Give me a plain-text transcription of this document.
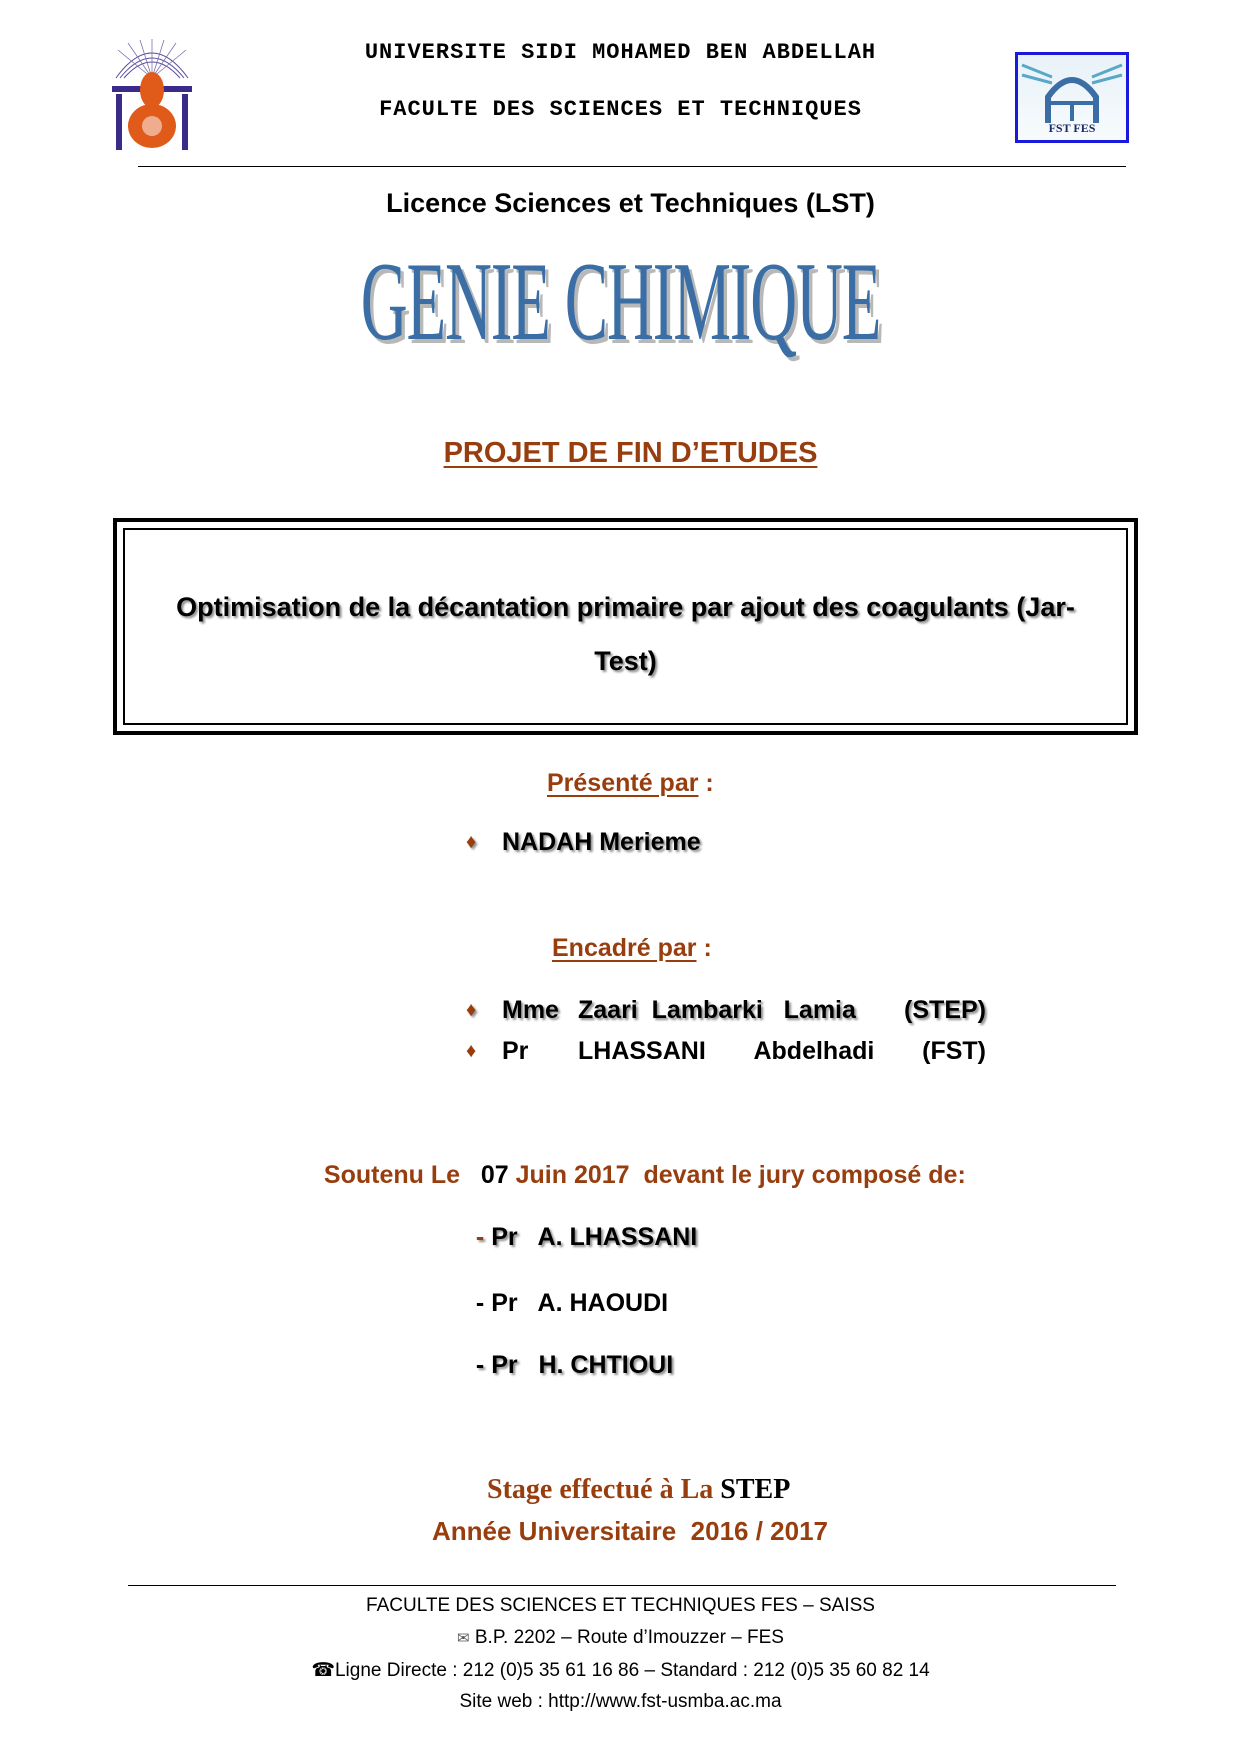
UNIVERSITE SIDI MOHAMED BEN ABDELLAH
FACULTE DES SCIENCES ET TECHNIQUES
FST FES
Licence Sciences et Techniques (LST)
GENIE CHIMIQUE
PROJET DE FIN D’ETUDES
Optimisation de la décantation primaire par ajout des coagulants (Jar-
Test)
Présenté par :
♦	NADAH Merieme
Encadré par :
♦	Mme Zaari  Lambarki   Lamia	(STEP)
♦	Pr	LHASSANI       Abdelhadi	(FST)

Soutenu Le 07 Juin 2017  devant le jury composé de:

- Pr A. LHASSANI

- Pr A. HAOUDI

- Pr H. CHTIOUI

Stage effectué à La STEP

Année Universitaire  2016 / 2017
FACULTE DES SCIENCES ET TECHNIQUES FES – SAISS
✉ B.P. 2202 – Route d’Imouzzer – FES
☎Ligne Directe : 212 (0)5 35 61 16 86 – Standard : 212 (0)5 35 60 82 14
Site web : http://www.fst-usmba.ac.ma
